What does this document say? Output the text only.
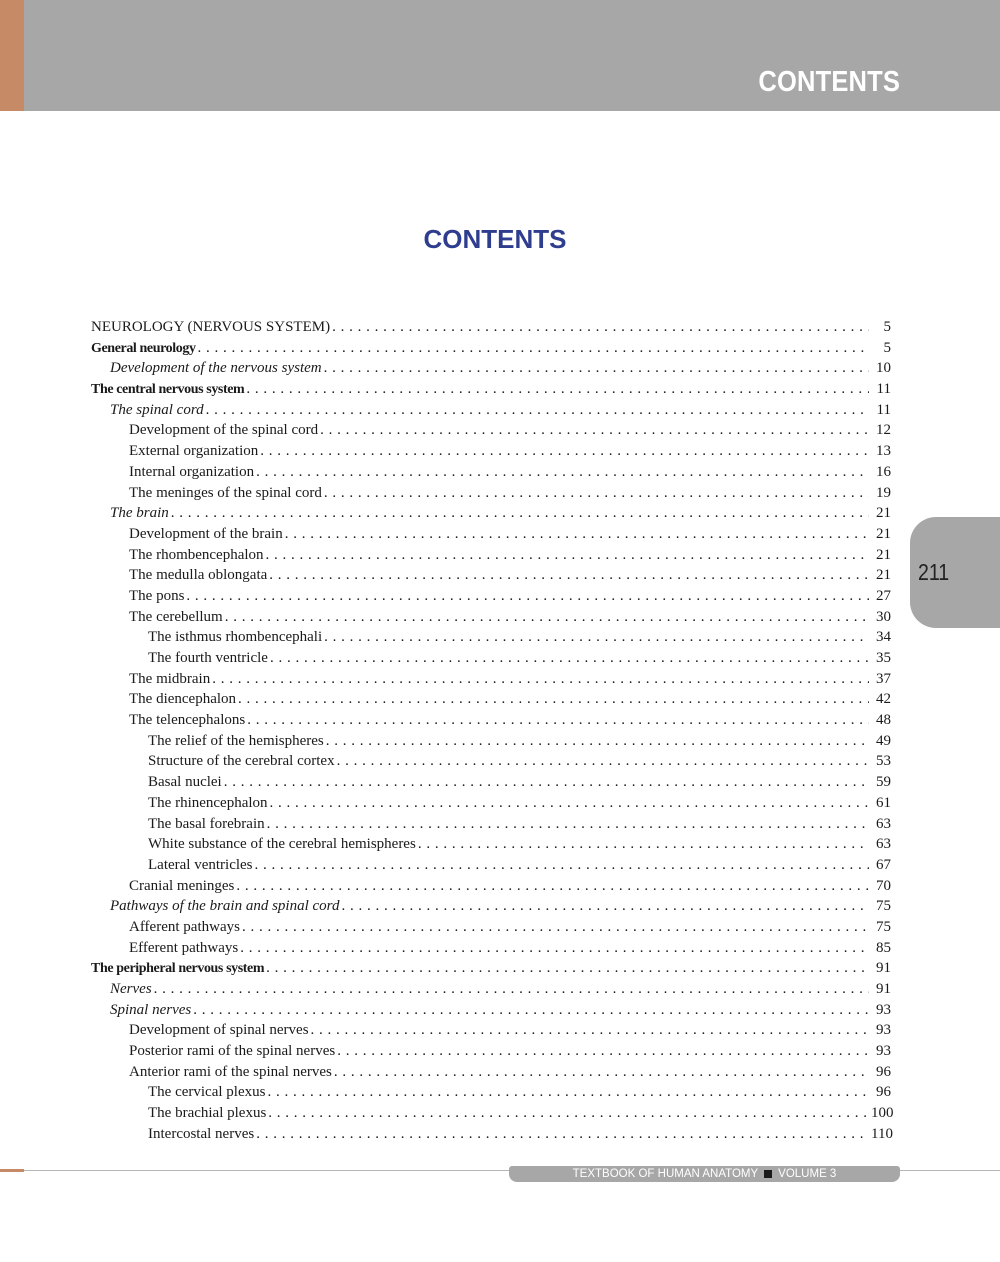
CONTENTS
211
CONTENTS
NEUROLOGY (NERVOUS SYSTEM) . . .	5
General neurology . . .	5
Development of the nervous system . . .	10
The central nervous system . . .	11
The spinal cord . . .	11
Development of the spinal cord . . .	12
External organization . . .	13
Internal organization . . .	16
The meninges of the spinal cord . . .	19
The brain . . .	21
Development of the brain . . .	21
The rhombencephalon . . .	21
The medulla oblongata . . .	21
The pons . . .	27
The cerebellum . . .	30
The isthmus rhombencephali . . .	34
The fourth ventricle . . .	35
The midbrain . . .	37
The diencephalon . . .	42
The telencephalons . . .	48
The relief of the hemispheres . . .	49
Structure of the cerebral cortex . . .	53
Basal nuclei . . .	59
The rhinencephalon . . .	61
The basal forebrain . . .	63
White substance of the cerebral hemispheres . . .	63
Lateral ventricles . . .	67
Cranial meninges . . .	70
Pathways of the brain and spinal cord . . .	75
Afferent pathways . . .	75
Efferent pathways . . .	85
The peripheral nervous system . . .	91
Nerves . . .	91
Spinal nerves . . .	93
Development of spinal nerves . . .	93
Posterior rami of the spinal nerves . . .	93
Anterior rami of the spinal nerves . . .	96
The cervical plexus . . .	96
The brachial plexus . . .	100
Intercostal nerves . . .	110
TEXTBOOK OF HUMAN ANATOMY VOLUME 3
